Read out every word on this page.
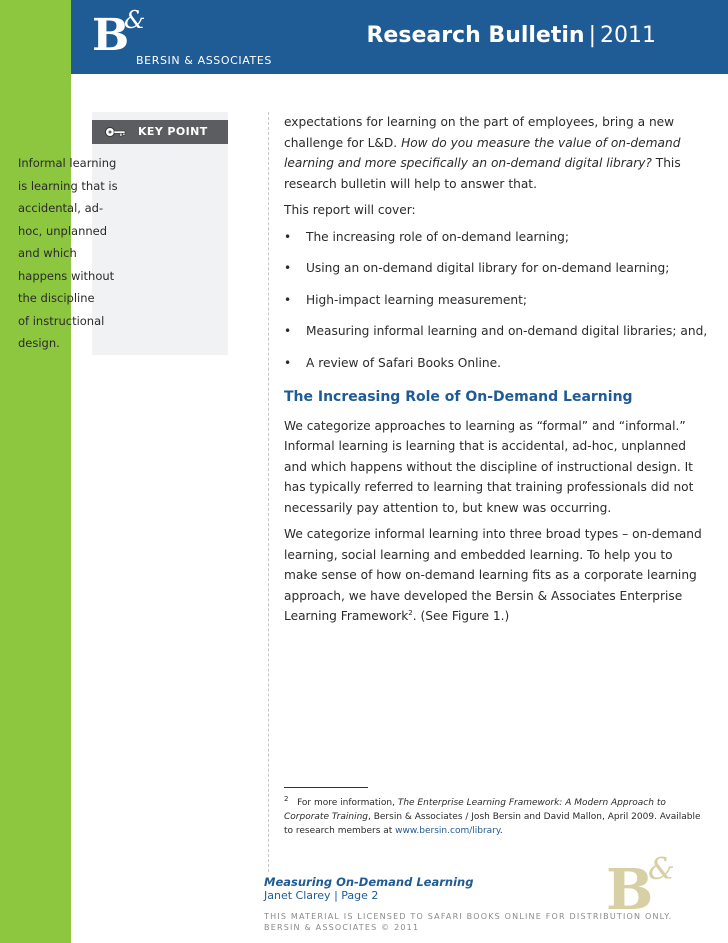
B
&
BERSIN & ASSOCIATES
Research Bulletin | 2011
KEY POINT
Informal learning
is learning that is
accidental, ad-
hoc, unplanned
and which
happens without
the discipline
of instructional
design.

expectations for learning on the part of employees, bring a new
challenge for L&D. How do you measure the value of on-demand
learning and more specifically an on-demand digital library? This
research bulletin will help to answer that.

This report will cover:

• The increasing role of on-demand learning;
• Using an on-demand digital library for on-demand learning;
• High-impact learning measurement;
• Measuring informal learning and on-demand digital libraries; and,
• A review of Safari Books Online.
The Increasing Role of On-Demand Learning

We categorize approaches to learning as “formal” and “informal.”
Informal learning is learning that is accidental, ad-hoc, unplanned
and which happens without the discipline of instructional design. It
has typically referred to learning that training professionals did not
necessarily pay attention to, but knew was occurring.

We categorize informal learning into three broad types – on-demand
learning, social learning and embedded learning. To help you to
make sense of how on-demand learning fits as a corporate learning
approach, we have developed the Bersin & Associates Enterprise
Learning Framework$^2$. (See Figure 1.)

$^2$ For more information, The Enterprise Learning Framework: A Modern Approach to
Corporate Training, Bersin & Associates / Josh Bersin and David Mallon, April 2009. Available
to research members at www.bersin.com/library.
Measuring On-Demand Learning
Janet Clarey | Page 2
THIS MATERIAL IS LICENSED TO SAFARI BOOKS ONLINE FOR DISTRIBUTION ONLY.
BERSIN & ASSOCIATES © 2011
B
&
